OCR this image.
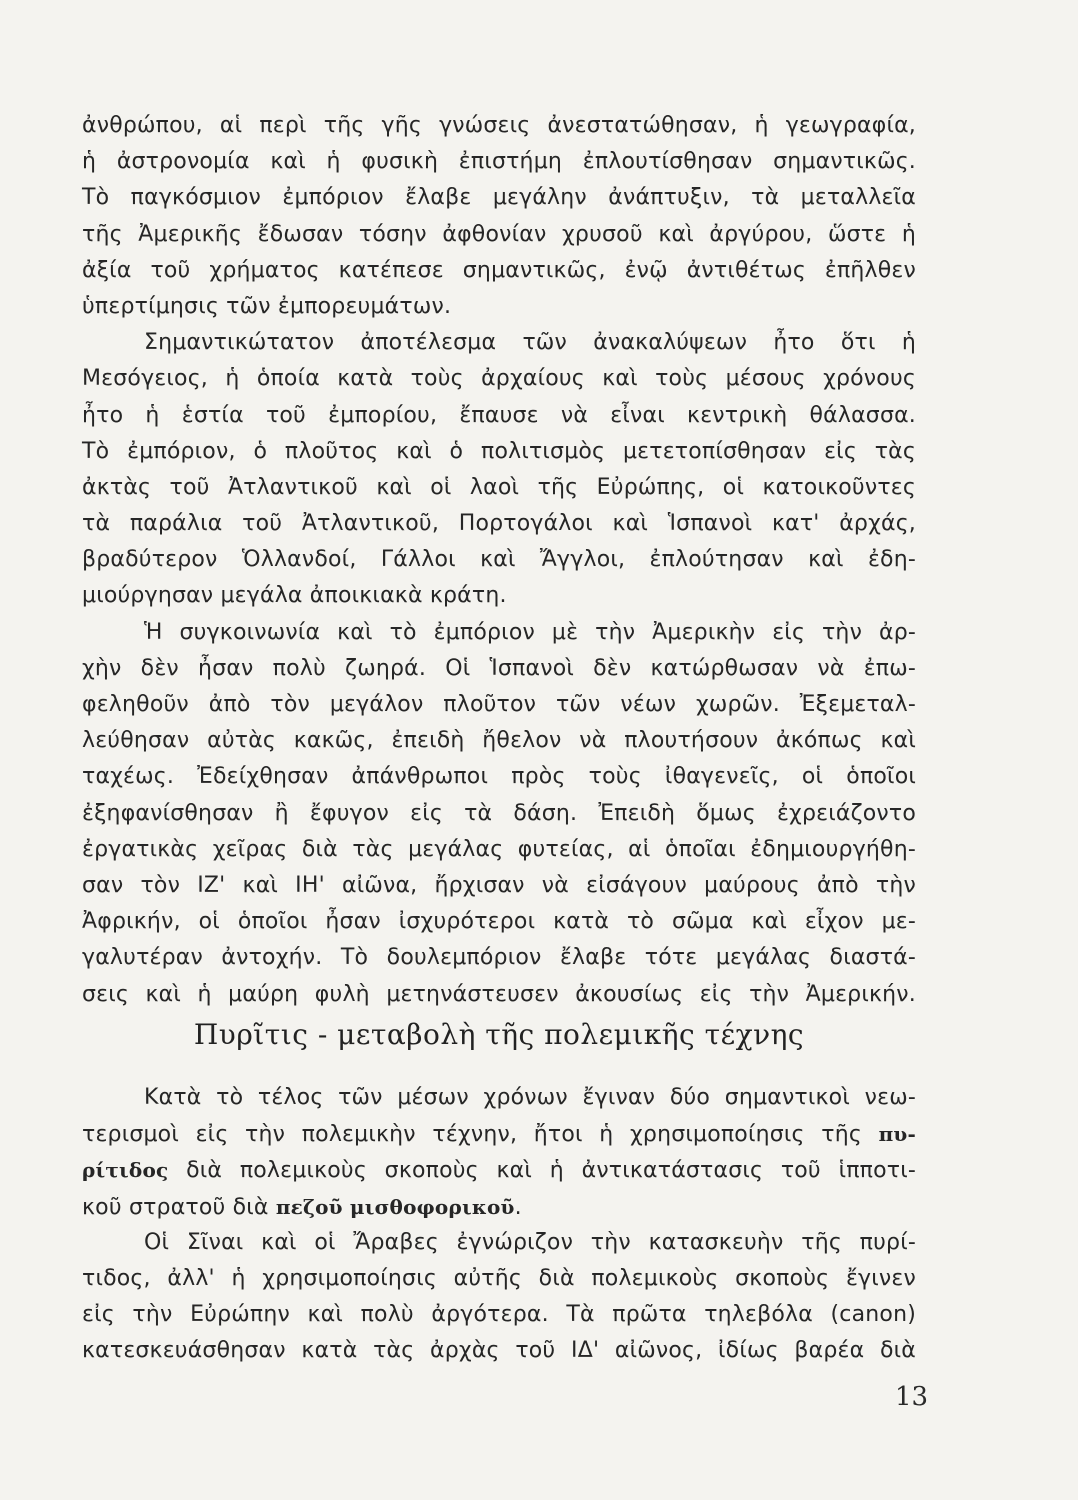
ἀνθρώπου, αἱ περὶ τῆς γῆς γνώσεις ἀνεστατώθησαν, ἡ γεωγραφία,
ἡ ἀστρονομία καὶ ἡ φυσικὴ ἐπιστήμη ἐπλουτίσθησαν σημαντικῶς.
Τὸ παγκόσμιον ἐμπόριον ἔλαβε μεγάλην ἀνάπτυξιν, τὰ μεταλλεῖα
τῆς Ἀμερικῆς ἔδωσαν τόσην ἀφθονίαν χρυσοῦ καὶ ἀργύρου, ὥστε ἡ
ἀξία τοῦ χρήματος κατέπεσε σημαντικῶς, ἐνῷ ἀντιθέτως ἐπῆλθεν
ὑπερτίμησις τῶν ἐμπορευμάτων.
Σημαντικώτατον ἀποτέλεσμα τῶν ἀνακαλύψεων ἦτο ὅτι ἡ
Μεσόγειος, ἡ ὁποία κατὰ τοὺς ἀρχαίους καὶ τοὺς μέσους χρόνους
ἦτο ἡ ἑστία τοῦ ἐμπορίου, ἔπαυσε νὰ εἶναι κεντρικὴ θάλασσα.
Τὸ ἐμπόριον, ὁ πλοῦτος καὶ ὁ πολιτισμὸς μετετοπίσθησαν εἰς τὰς
ἀκτὰς τοῦ Ἀτλαντικοῦ καὶ οἱ λαοὶ τῆς Εὐρώπης, οἱ κατοικοῦντες
τὰ παράλια τοῦ Ἀτλαντικοῦ, Πορτογάλοι καὶ Ἱσπανοὶ κατ' ἀρχάς,
βραδύτερον Ὁλλανδοί, Γάλλοι καὶ Ἄγγλοι, ἐπλούτησαν καὶ ἐδη-
μιούργησαν μεγάλα ἀποικιακὰ κράτη.
Ἡ συγκοινωνία καὶ τὸ ἐμπόριον μὲ τὴν Ἀμερικὴν εἰς τὴν ἀρ-
χὴν δὲν ἦσαν πολὺ ζωηρά. Οἱ Ἱσπανοὶ δὲν κατώρθωσαν νὰ ἐπω-
φεληθοῦν ἀπὸ τὸν μεγάλον πλοῦτον τῶν νέων χωρῶν. Ἐξεμεταλ-
λεύθησαν αὐτὰς κακῶς, ἐπειδὴ ἤθελον νὰ πλουτήσουν ἀκόπως καὶ
ταχέως. Ἐδείχθησαν ἀπάνθρωποι πρὸς τοὺς ἰθαγενεῖς, οἱ ὁποῖοι
ἐξηφανίσθησαν ἢ ἔφυγον εἰς τὰ δάση. Ἐπειδὴ ὅμως ἐχρειάζοντο
ἐργατικὰς χεῖρας διὰ τὰς μεγάλας φυτείας, αἱ ὁποῖαι ἐδημιουργήθη-
σαν τὸν ΙΖ' καὶ ΙΗ' αἰῶνα, ἤρχισαν νὰ εἰσάγουν μαύρους ἀπὸ τὴν
Ἀφρικήν, οἱ ὁποῖοι ἦσαν ἰσχυρότεροι κατὰ τὸ σῶμα καὶ εἶχον με-
γαλυτέραν ἀντοχήν. Τὸ δουλεμπόριον ἔλαβε τότε μεγάλας διαστά-
σεις καὶ ἡ μαύρη φυλὴ μετηνάστευσεν ἀκουσίως εἰς τὴν Ἀμερικήν.
Πυρῖτις - μεταβολὴ τῆς πολεμικῆς τέχνης
Κατὰ τὸ τέλος τῶν μέσων χρόνων ἔγιναν δύο σημαντικοὶ νεω-
τερισμοὶ εἰς τὴν πολεμικὴν τέχνην, ἤτοι ἡ χρησιμοποίησις τῆς πυ-
ρίτιδος διὰ πολεμικοὺς σκοποὺς καὶ ἡ ἀντικατάστασις τοῦ ἱπποτι-
κοῦ στρατοῦ διὰ πεζοῦ μισθοφορικοῦ.
Οἱ Σῖναι καὶ οἱ Ἄραβες ἐγνώριζον τὴν κατασκευὴν τῆς πυρί-
τιδος, ἀλλ' ἡ χρησιμοποίησις αὐτῆς διὰ πολεμικοὺς σκοποὺς ἔγινεν
εἰς τὴν Εὐρώπην καὶ πολὺ ἀργότερα. Τὰ πρῶτα τηλεβόλα (canon)
κατεσκευάσθησαν κατὰ τὰς ἀρχὰς τοῦ ΙΔ' αἰῶνος, ἰδίως βαρέα διὰ
13
